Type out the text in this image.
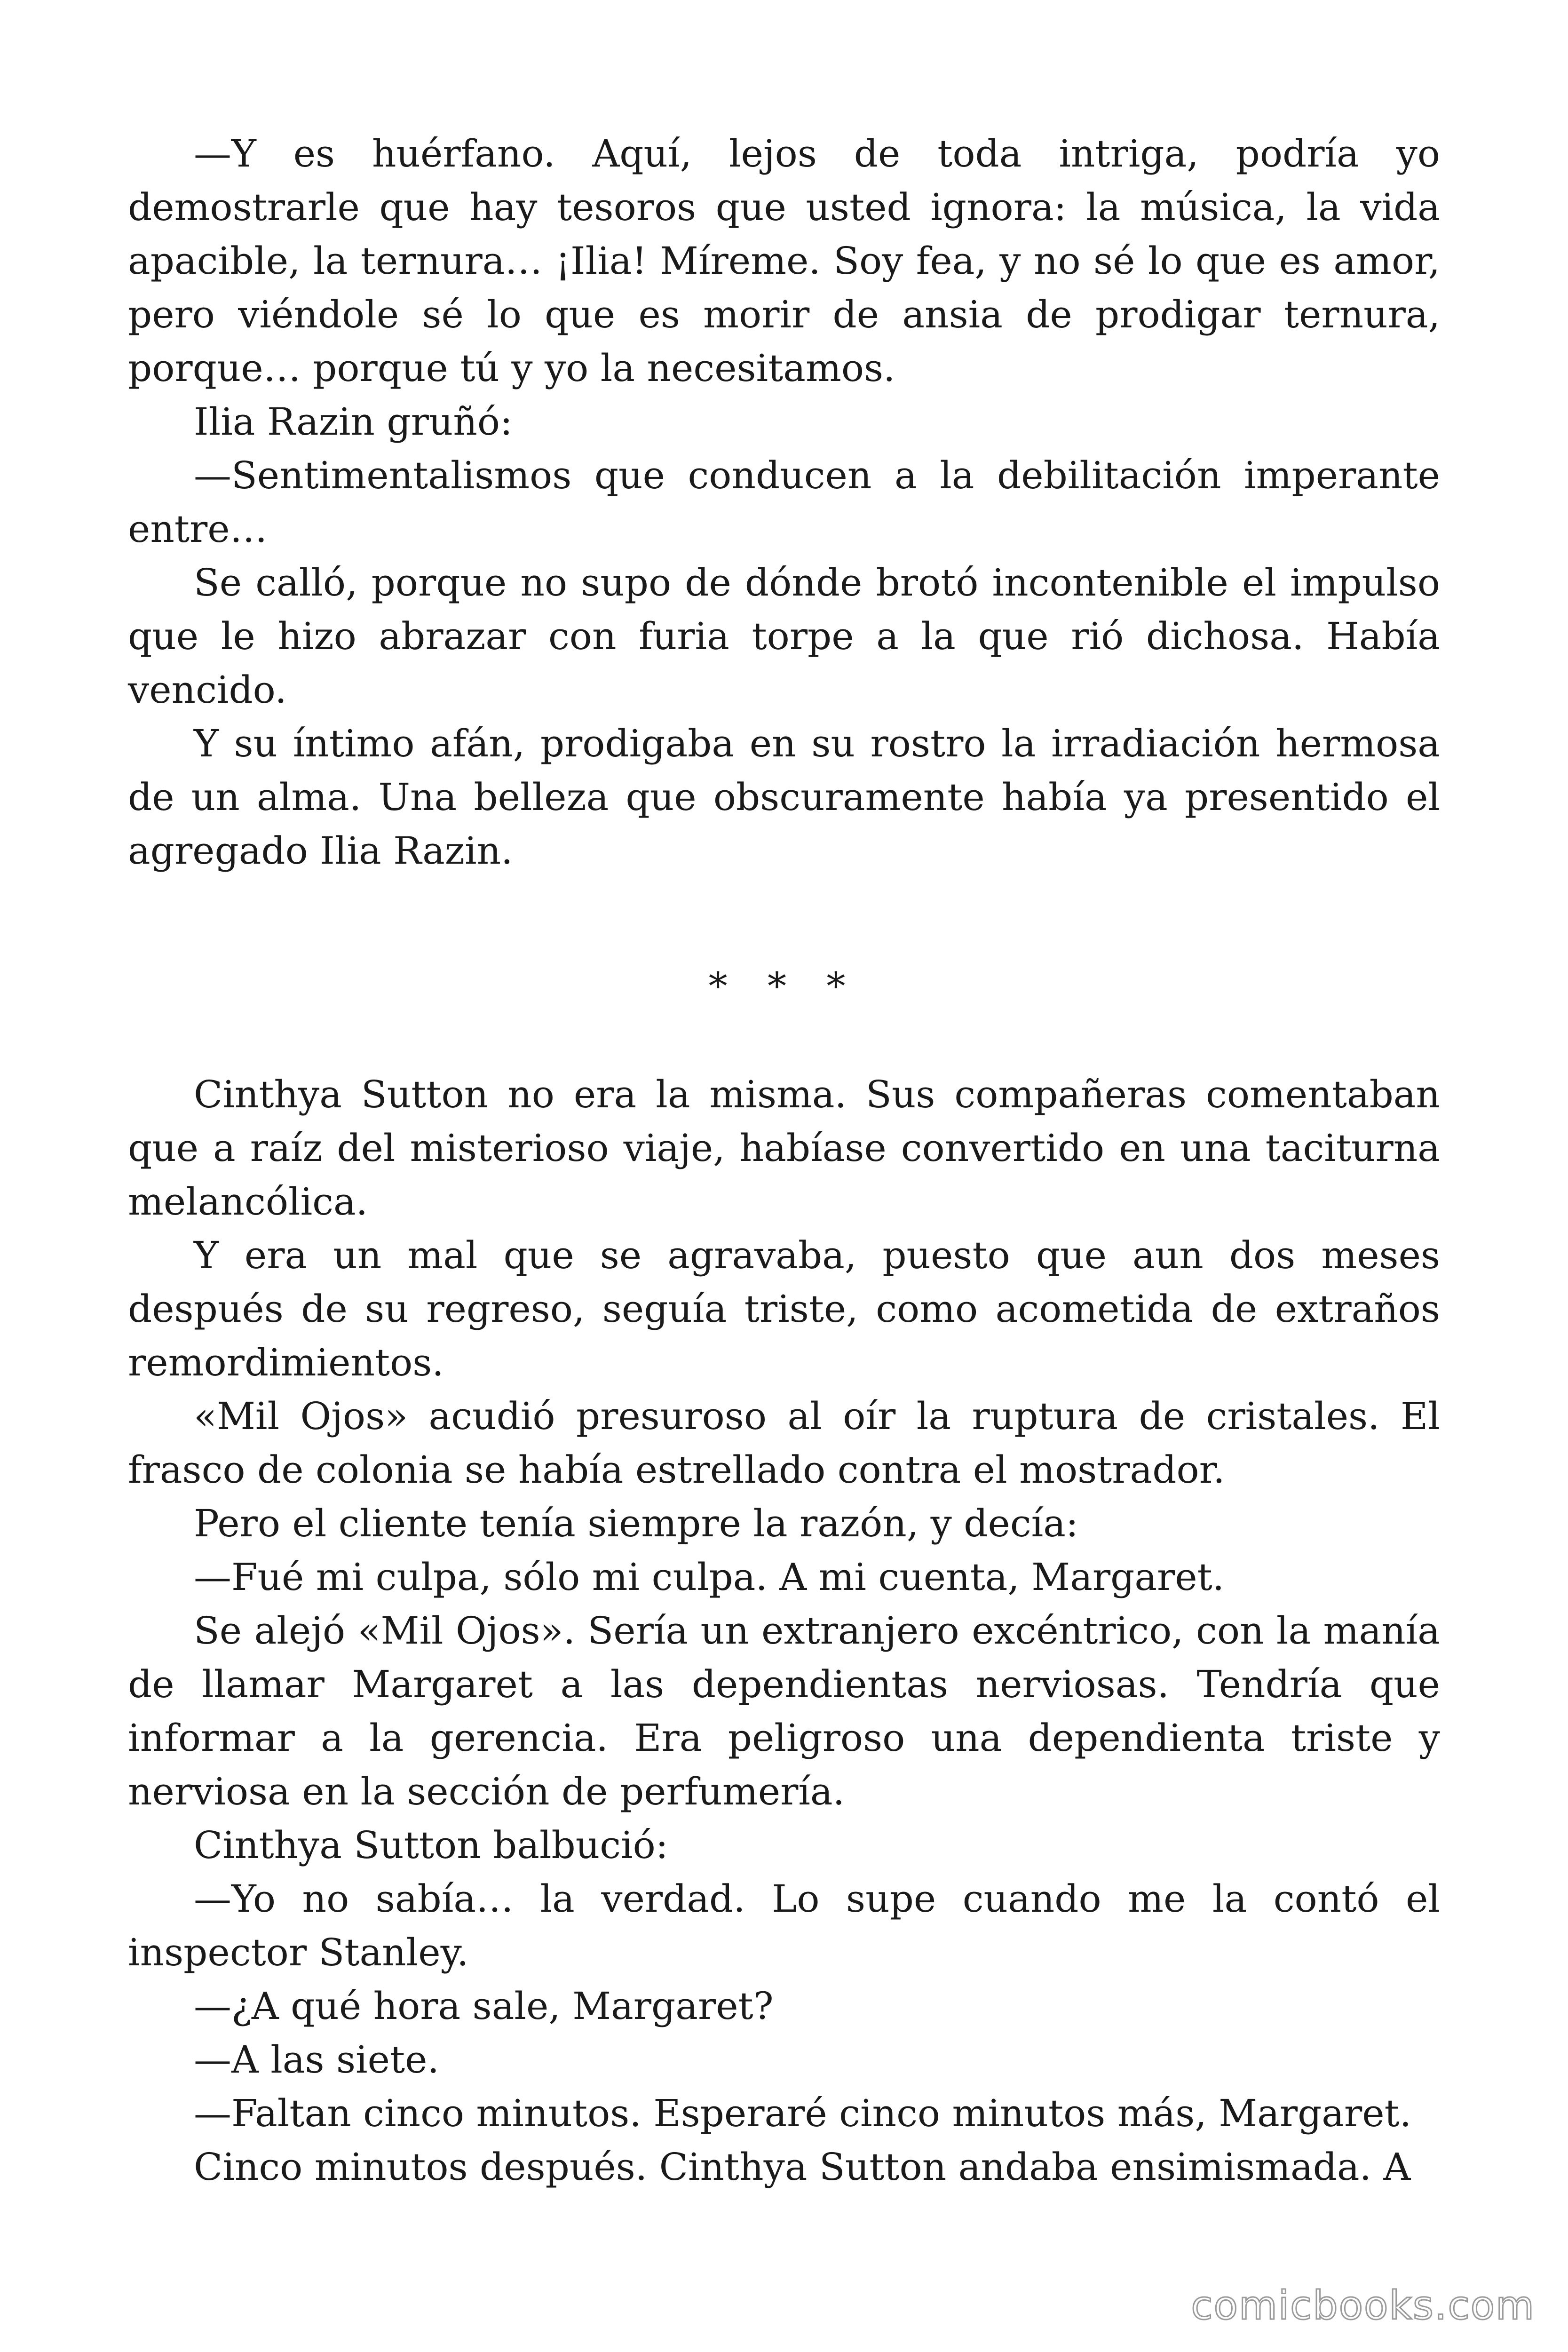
—Y es huérfano. Aquí, lejos de toda intriga, podría yo demostrarle que hay tesoros que usted ignora: la música, la vida apacible, la ternura… ¡Ilia! Míreme. Soy fea, y no sé lo que es amor, pero viéndole sé lo que es morir de ansia de prodigar ternura, porque… porque tú y yo la necesitamos.

Ilia Razin gruñó:

—Sentimentalismos que conducen a la debilitación imperante entre…

Se calló, porque no supo de dónde brotó incontenible el impulso que le hizo abrazar con furia torpe a la que rió dichosa. Había vencido.

Y su íntimo afán, prodigaba en su rostro la irradiación hermosa de un alma. Una belleza que obscuramente había ya presentido el agregado Ilia Razin.

* * *

Cinthya Sutton no era la misma. Sus compañeras comentaban que a raíz del misterioso viaje, habíase convertido en una taciturna melancólica.

Y era un mal que se agravaba, puesto que aun dos meses después de su regreso, seguía triste, como acometida de extraños remordimientos.

«Mil Ojos» acudió presuroso al oír la ruptura de cristales. El frasco de colonia se había estrellado contra el mostrador.

Pero el cliente tenía siempre la razón, y decía:

—Fué mi culpa, sólo mi culpa. A mi cuenta, Margaret.

Se alejó «Mil Ojos». Sería un extranjero excéntrico, con la manía de llamar Margaret a las dependientas nerviosas. Tendría que informar a la gerencia. Era peligroso una dependienta triste y nerviosa en la sección de perfumería.

Cinthya Sutton balbució:

—Yo no sabía… la verdad. Lo supe cuando me la contó el inspector Stanley.

—¿A qué hora sale, Margaret?

—A las siete.

—Faltan cinco minutos. Esperaré cinco minutos más, Margaret.

Cinco minutos después. Cinthya Sutton andaba ensimismada. A

comicbooks.com
